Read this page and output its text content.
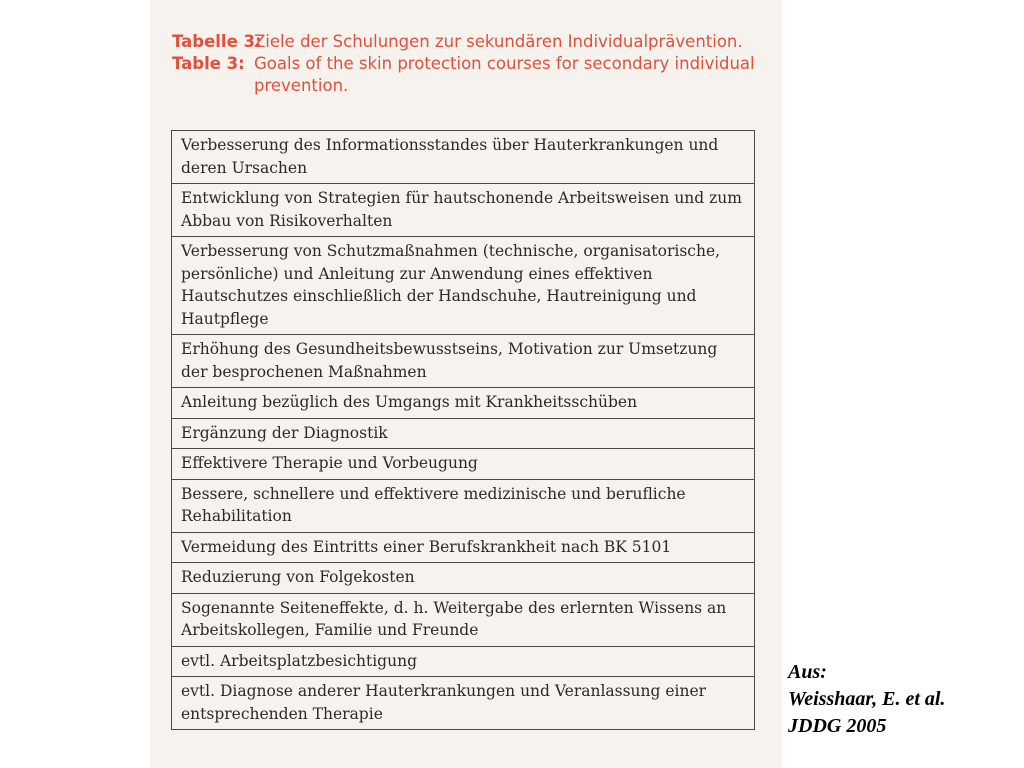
Tabelle 3:
Ziele der Schulungen zur sekundären Individualprävention.
Table 3: Goals of the skin protection courses for secondary individual prevention.
Verbesserung des Informationsstandes über Hauterkrankungen und deren Ursachen
Entwicklung von Strategien für hautschonende Arbeitsweisen und zum Abbau von Risikoverhalten
Verbesserung von Schutzmaßnahmen (technische, organisatorische, persönliche) und Anleitung zur Anwendung eines effektiven Hautschutzes einschließlich der Handschuhe, Hautreinigung und Hautpflege
Erhöhung des Gesundheitsbewusstseins, Motivation zur Umsetzung der besprochenen Maßnahmen
Anleitung bezüglich des Umgangs mit Krankheitsschüben
Ergänzung der Diagnostik
Effektivere Therapie und Vorbeugung
Bessere, schnellere und effektivere medizinische und berufliche Rehabilitation
Vermeidung des Eintritts einer Berufskrankheit nach BK 5101
Reduzierung von Folgekosten
Sogenannte Seiteneffekte, d. h. Weitergabe des erlernten Wissens an Arbeitskollegen, Familie und Freunde
evtl. Arbeitsplatzbesichtigung
evtl. Diagnose anderer Hauterkrankungen und Veranlassung einer entsprechenden Therapie
Aus:
Weisshaar, E. et al.
JDDG 2005
